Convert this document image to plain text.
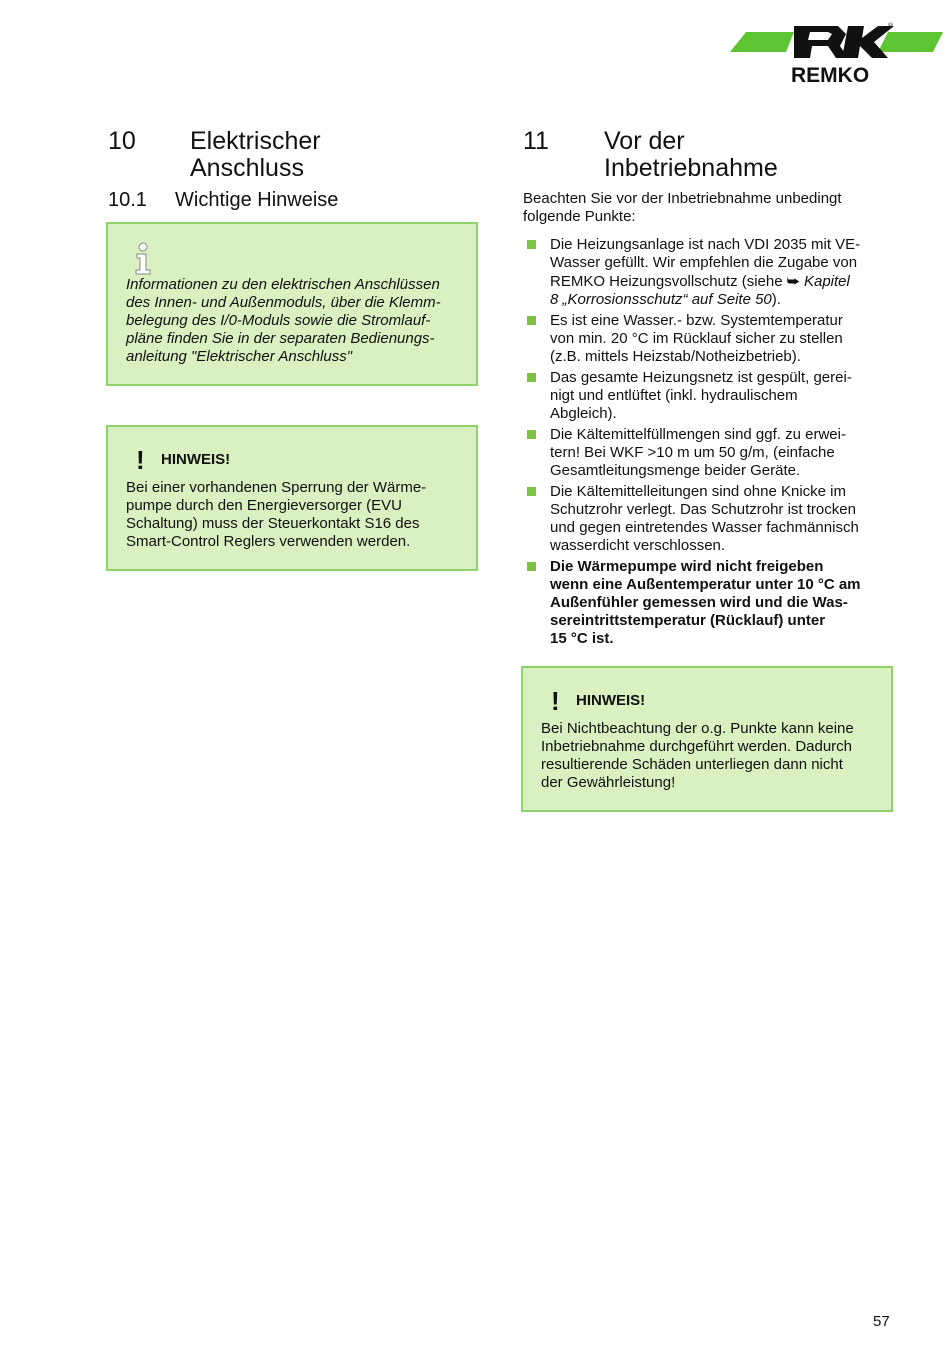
REMKO
®
10 Elektrischer
Anschluss
10.1 Wichtige Hinweise
Informationen zu den elektrischen Anschlüssen
des Innen- und Außenmoduls, über die Klemm-
belegung des I/0-Moduls sowie die Stromlauf-
pläne finden Sie in der separaten Bedienungs-
anleitung "Elektrischer Anschluss"
! HINWEIS!
Bei einer vorhandenen Sperrung der Wärme-
pumpe durch den Energieversorger (EVU
Schaltung) muss der Steuerkontakt S16 des
Smart-Control Reglers verwenden werden.
11 Vor der
Inbetriebnahme
Beachten Sie vor der Inbetriebnahme unbedingt
folgende Punkte:
Die Heizungsanlage ist nach VDI 2035 mit VE-
Wasser gefüllt. Wir empfehlen die Zugabe von
REMKO Heizungsvollschutz (siehe ⮩ Kapitel
8 „Korrosionsschutz“ auf Seite 50).
Es ist eine Wasser.- bzw. Systemtemperatur
von min. 20 °C im Rücklauf sicher zu stellen
(z.B. mittels Heizstab/Notheizbetrieb).
Das gesamte Heizungsnetz ist gespült, gerei-
nigt und entlüftet (inkl. hydraulischem
Abgleich).
Die Kältemittelfüllmengen sind ggf. zu erwei-
tern! Bei WKF >10 m um 50 g/m, (einfache
Gesamtleitungsmenge beider Geräte.
Die Kältemittelleitungen sind ohne Knicke im
Schutzrohr verlegt. Das Schutzrohr ist trocken
und gegen eintretendes Wasser fachmännisch
wasserdicht verschlossen.
Die Wärmepumpe wird nicht freigeben
wenn eine Außentemperatur unter 10 °C am
Außenfühler gemessen wird und die Was-
sereintrittstemperatur (Rücklauf) unter
15 °C ist.
! HINWEIS!
Bei Nichtbeachtung der o.g. Punkte kann keine
Inbetriebnahme durchgeführt werden. Dadurch
resultierende Schäden unterliegen dann nicht
der Gewährleistung!
57
